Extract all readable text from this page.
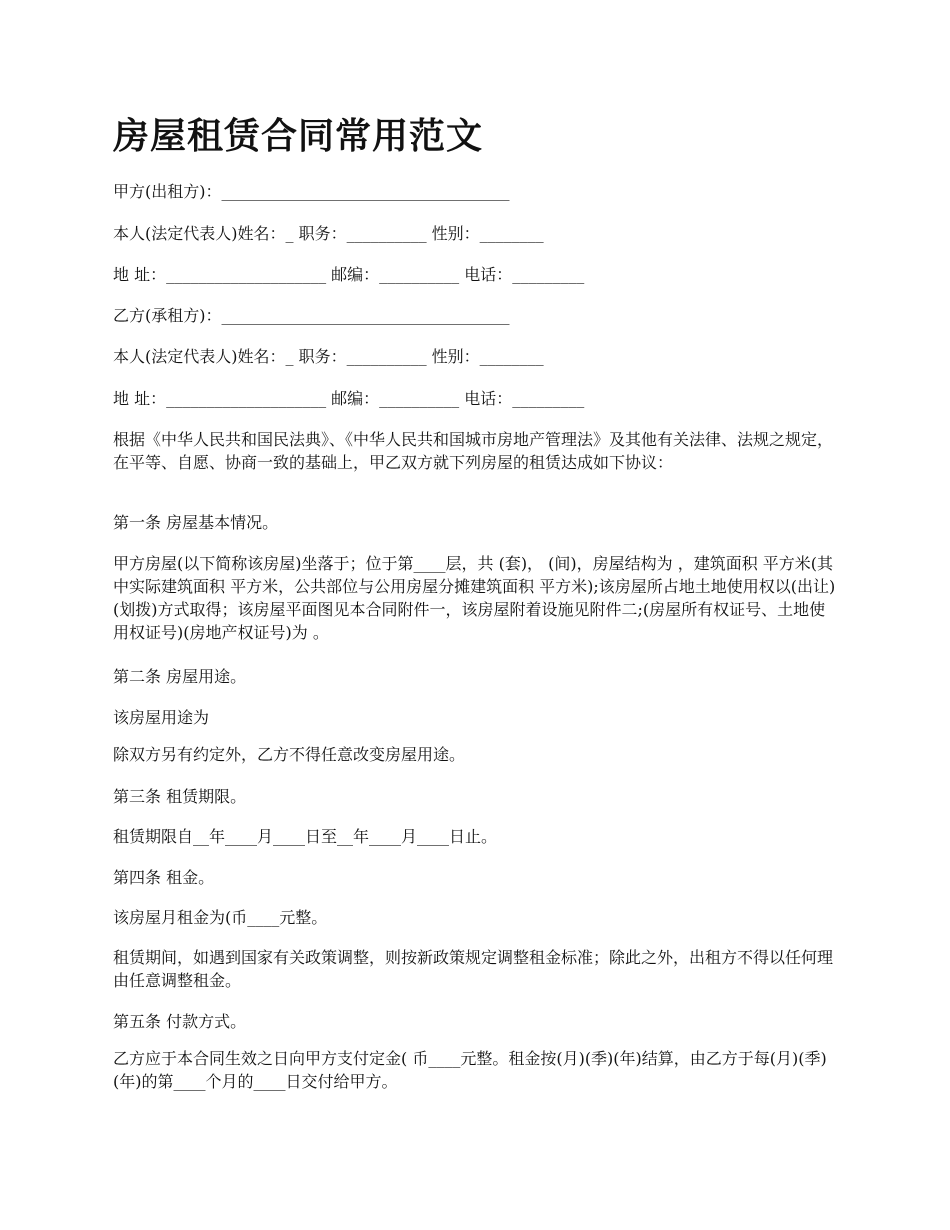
房屋租赁合同常用范文

甲方(出租方)：____________________________________

本人(法定代表人)姓名：_ 职务：__________ 性别：________

地 址：____________________ 邮编：__________ 电话：_________

乙方(承租方)：____________________________________

本人(法定代表人)姓名：_ 职务：__________ 性别：________

地 址：____________________ 邮编：__________ 电话：_________

根据《中华人民共和国民法典》、《中华人民共和国城市房地产管理法》及其他有关法律、法规之规定，在平等、自愿、协商一致的基础上，甲乙双方就下列房屋的租赁达成如下协议：

第一条 房屋基本情况。

甲方房屋(以下简称该房屋)坐落于；位于第____层，共 (套)， (间)，房屋结构为 ，建筑面积 平方米(其中实际建筑面积 平方米，公共部位与公用房屋分摊建筑面积 平方米);该房屋所占地土地使用权以(出让)(划拨)方式取得；该房屋平面图见本合同附件一，该房屋附着设施见附件二;(房屋所有权证号、土地使用权证号)(房地产权证号)为 。

第二条 房屋用途。

该房屋用途为

除双方另有约定外，乙方不得任意改变房屋用途。

第三条 租赁期限。

租赁期限自__年____月____日至__年____月____日止。

第四条 租金。

该房屋月租金为(币____元整。

租赁期间，如遇到国家有关政策调整，则按新政策规定调整租金标准；除此之外，出租方不得以任何理由任意调整租金。

第五条 付款方式。

乙方应于本合同生效之日向甲方支付定金( 币____元整。租金按(月)(季)(年)结算，由乙方于每(月)(季)(年)的第____个月的____日交付给甲方。
